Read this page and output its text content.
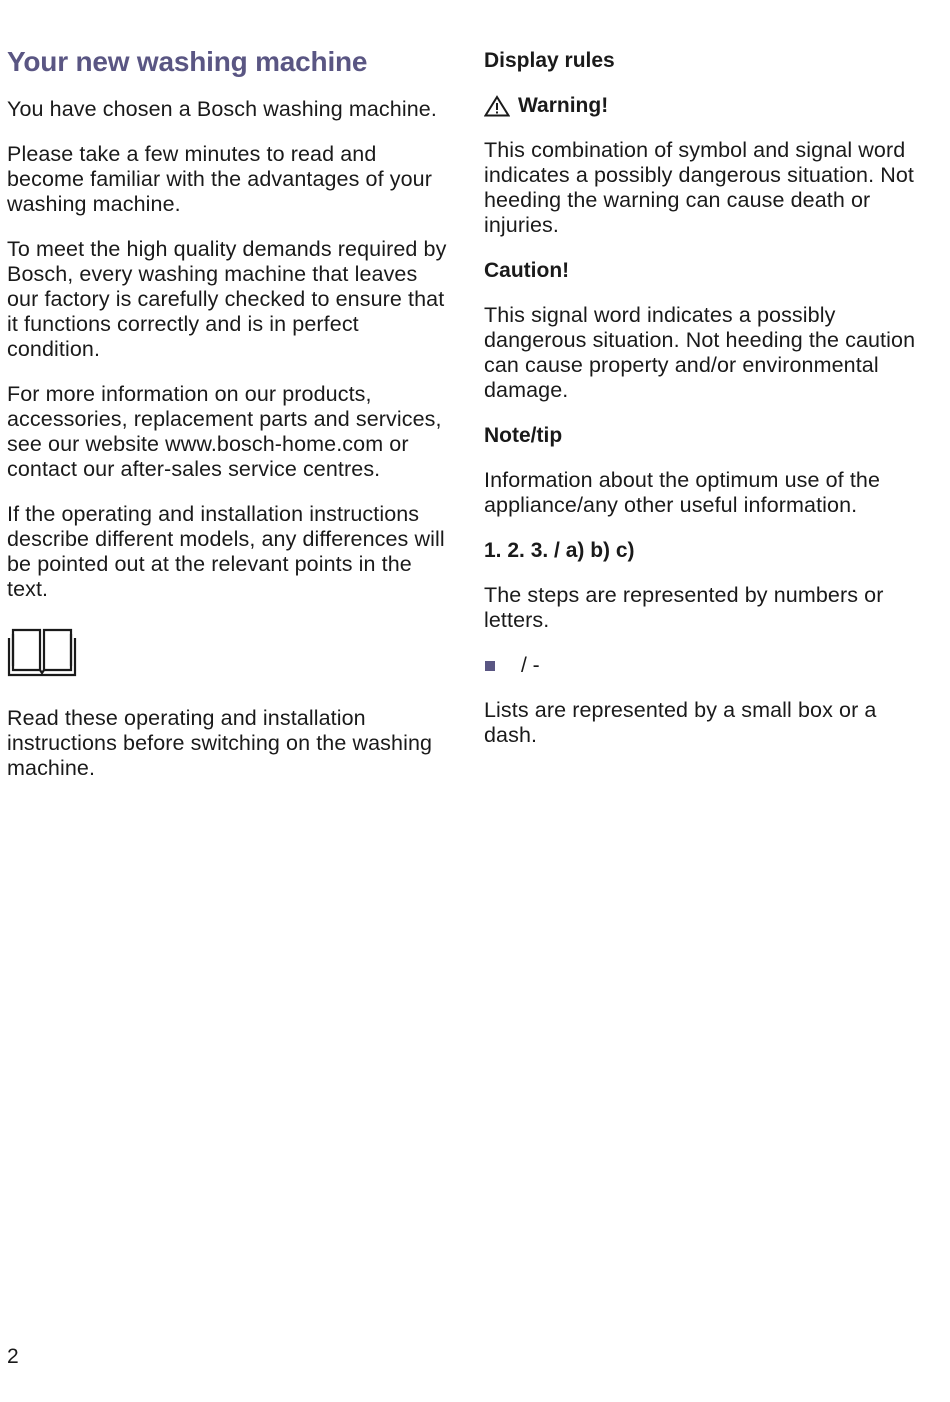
Your new washing machine

You have chosen a Bosch washing machine.

Please take a few minutes to read and become familiar with the advantages of your washing machine.

To meet the high quality demands required by Bosch, every washing machine that leaves our factory is carefully checked to ensure that it functions correctly and is in perfect condition.

For more information on our products, accessories, replacement parts and services, see our website www.bosch-home.com or contact our after-sales service centres.

If the operating and installation instructions describe different models, any differences will be pointed out at the relevant points in the text.

Read these operating and installation instructions before switching on the washing machine.

Display rules
Warning!

This combination of symbol and signal word indicates a possibly dangerous situation. Not heeding the warning can cause death or injuries.

Caution!

This signal word indicates a possibly dangerous situation. Not heeding the caution can cause property and/or environmental damage.

Note/tip

Information about the optimum use of the appliance/any other useful information.

1. 2. 3. / a) b) c)

The steps are represented by numbers or letters.

/ -

Lists are represented by a small box or a dash.

2
